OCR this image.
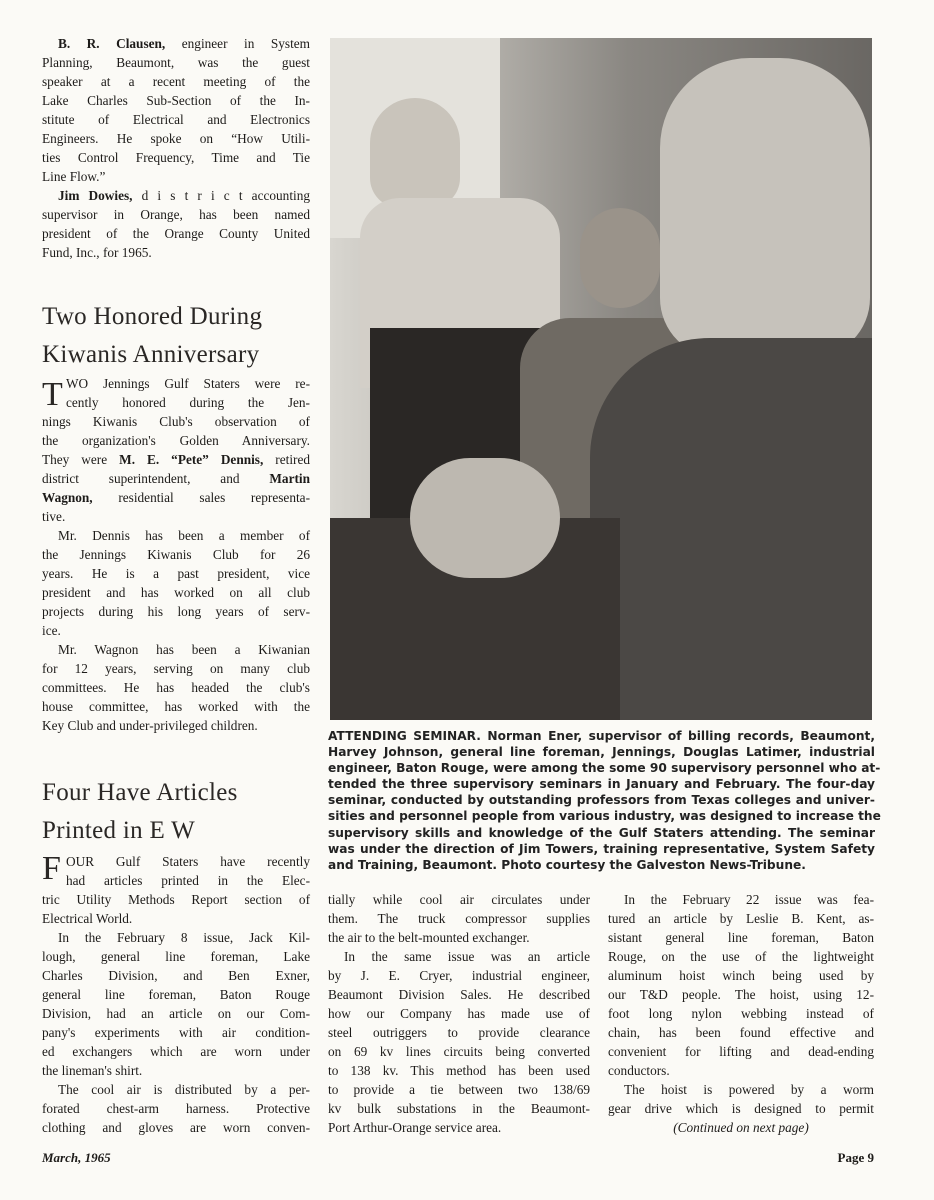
B. R. Clausen, engineer in System
Planning, Beaumont, was the guest
speaker at a recent meeting of the
Lake Charles Sub-Section of the In-
stitute of Electrical and Electronics
Engineers. He spoke on “How Utili-
ties Control Frequency, Time and Tie
Line Flow.”
Jim Dowies, d i s t r i c t accounting
supervisor in Orange, has been named
president of the Orange County United
Fund, Inc., for 1965.
Two Honored During
Kiwanis Anniversary
T WO Jennings Gulf Staters were re-
cently honored during the Jen-
nings Kiwanis Club's observation of
the organization's Golden Anniversary.
They were M. E. “Pete” Dennis, retired
district superintendent, and Martin
Wagnon, residential sales representa-
tive.
Mr. Dennis has been a member of
the Jennings Kiwanis Club for 26
years. He is a past president, vice
president and has worked on all club
projects during his long years of serv-
ice.
Mr. Wagnon has been a Kiwanian
for 12 years, serving on many club
committees. He has headed the club's
house committee, has worked with the
Key Club and under-privileged children.
Four Have Articles
Printed in E W
F OUR Gulf Staters have recently
had articles printed in the Elec-
tric Utility Methods Report section of
Electrical World.
In the February 8 issue, Jack Kil-
lough, general line foreman, Lake
Charles Division, and Ben Exner,
general line foreman, Baton Rouge
Division, had an article on our Com-
pany's experiments with air condition-
ed exchangers which are worn under
the lineman's shirt.
The cool air is distributed by a per-
forated chest-arm harness. Protective
clothing and gloves are worn conven-
ATTENDING SEMINAR. Norman Ener, supervisor of billing records, Beaumont,
Harvey Johnson, general line foreman, Jennings, Douglas Latimer, industrial
engineer, Baton Rouge, were among the some 90 supervisory personnel who at-
tended the three supervisory seminars in January and February. The four-day
seminar, conducted by outstanding professors from Texas colleges and univer-
sities and personnel people from various industry, was designed to increase the
supervisory skills and knowledge of the Gulf Staters attending. The seminar
was under the direction of Jim Towers, training representative, System Safety
and Training, Beaumont. Photo courtesy the Galveston News-Tribune.
tially while cool air circulates under
them. The truck compressor supplies
the air to the belt-mounted exchanger.
In the same issue was an article
by J. E. Cryer, industrial engineer,
Beaumont Division Sales. He described
how our Company has made use of
steel outriggers to provide clearance
on 69 kv lines circuits being converted
to 138 kv. This method has been used
to provide a tie between two 138/69
kv bulk substations in the Beaumont-
Port Arthur-Orange service area.
In the February 22 issue was fea-
tured an article by Leslie B. Kent, as-
sistant general line foreman, Baton
Rouge, on the use of the lightweight
aluminum hoist winch being used by
our T&D people. The hoist, using 12-
foot long nylon webbing instead of
chain, has been found effective and
convenient for lifting and dead-ending
conductors.
The hoist is powered by a worm
gear drive which is designed to permit
(Continued on next page)
March, 1965	Page 9
